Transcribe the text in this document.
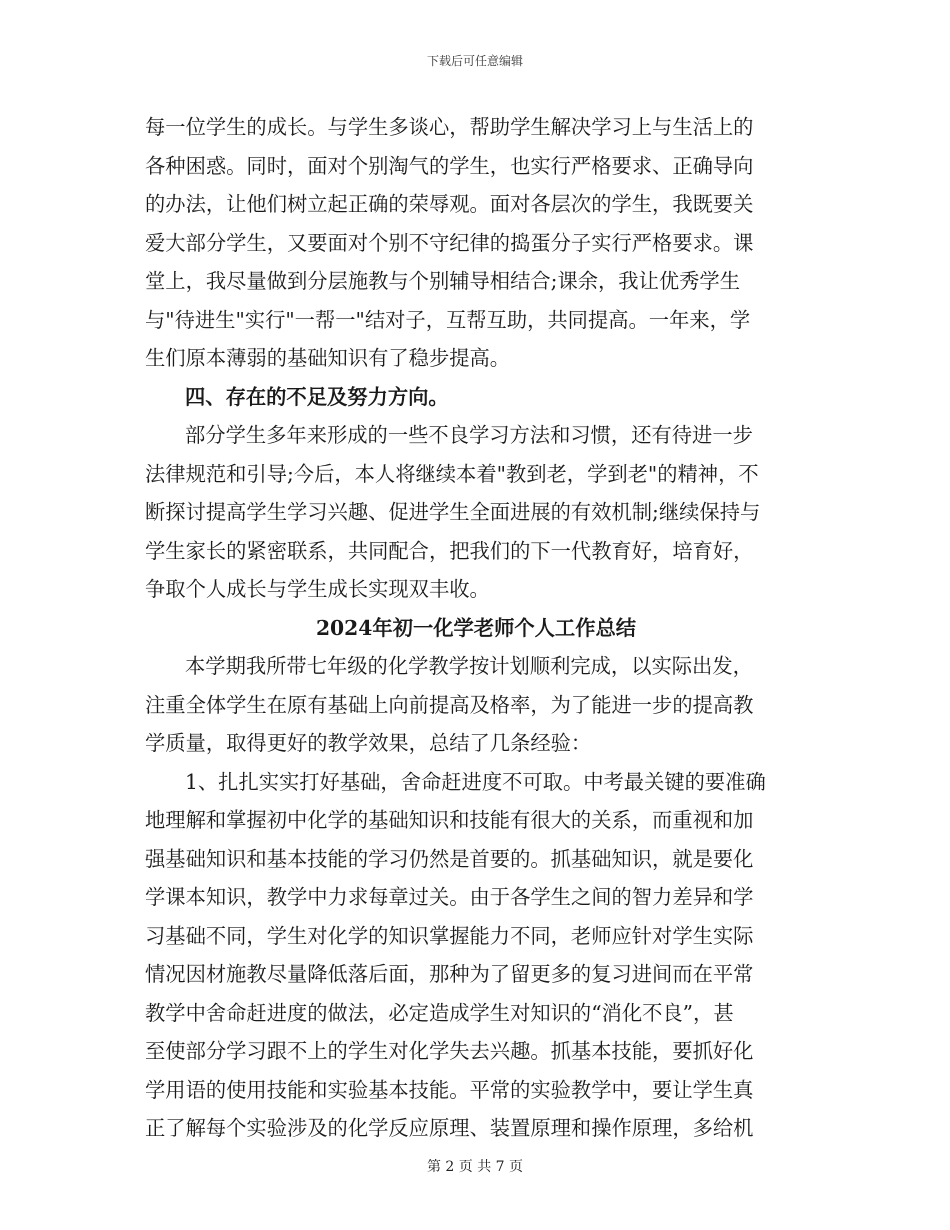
下载后可任意编辑
每一位学生的成长。与学生多谈心，帮助学生解决学习上与生活上的
各种困惑。同时，面对个别淘气的学生，也实行严格要求、正确导向
的办法，让他们树立起正确的荣辱观。面对各层次的学生，我既要关
爱大部分学生，又要面对个别不守纪律的捣蛋分子实行严格要求。课
堂上，我尽量做到分层施教与个别辅导相结合;课余，我让优秀学生
与"待进生"实行"一帮一"结对子，互帮互助，共同提高。一年来，学
生们原本薄弱的基础知识有了稳步提高。
四、存在的不足及努力方向。
部分学生多年来形成的一些不良学习方法和习惯，还有待进一步
法律规范和引导;今后，本人将继续本着"教到老，学到老"的精神，不
断探讨提高学生学习兴趣、促进学生全面进展的有效机制;继续保持与
学生家长的紧密联系，共同配合，把我们的下一代教育好，培育好，
争取个人成长与学生成长实现双丰收。
2024年初一化学老师个人工作总结
本学期我所带七年级的化学教学按计划顺利完成，以实际出发，
注重全体学生在原有基础上向前提高及格率，为了能进一步的提高教
学质量，取得更好的教学效果，总结了几条经验：
1、扎扎实实打好基础，舍命赶进度不可取。中考最关键的要准确
地理解和掌握初中化学的基础知识和技能有很大的关系，而重视和加
强基础知识和基本技能的学习仍然是首要的。抓基础知识，就是要化
学课本知识，教学中力求每章过关。由于各学生之间的智力差异和学
习基础不同，学生对化学的知识掌握能力不同，老师应针对学生实际
情况因材施教尽量降低落后面，那种为了留更多的复习进间而在平常
教学中舍命赶进度的做法，必定造成学生对知识的“消化不良”，甚
至使部分学习跟不上的学生对化学失去兴趣。抓基本技能，要抓好化
学用语的使用技能和实验基本技能。平常的实验教学中，要让学生真
正了解每个实验涉及的化学反应原理、装置原理和操作原理，多给机
第 2 页 共 7 页
